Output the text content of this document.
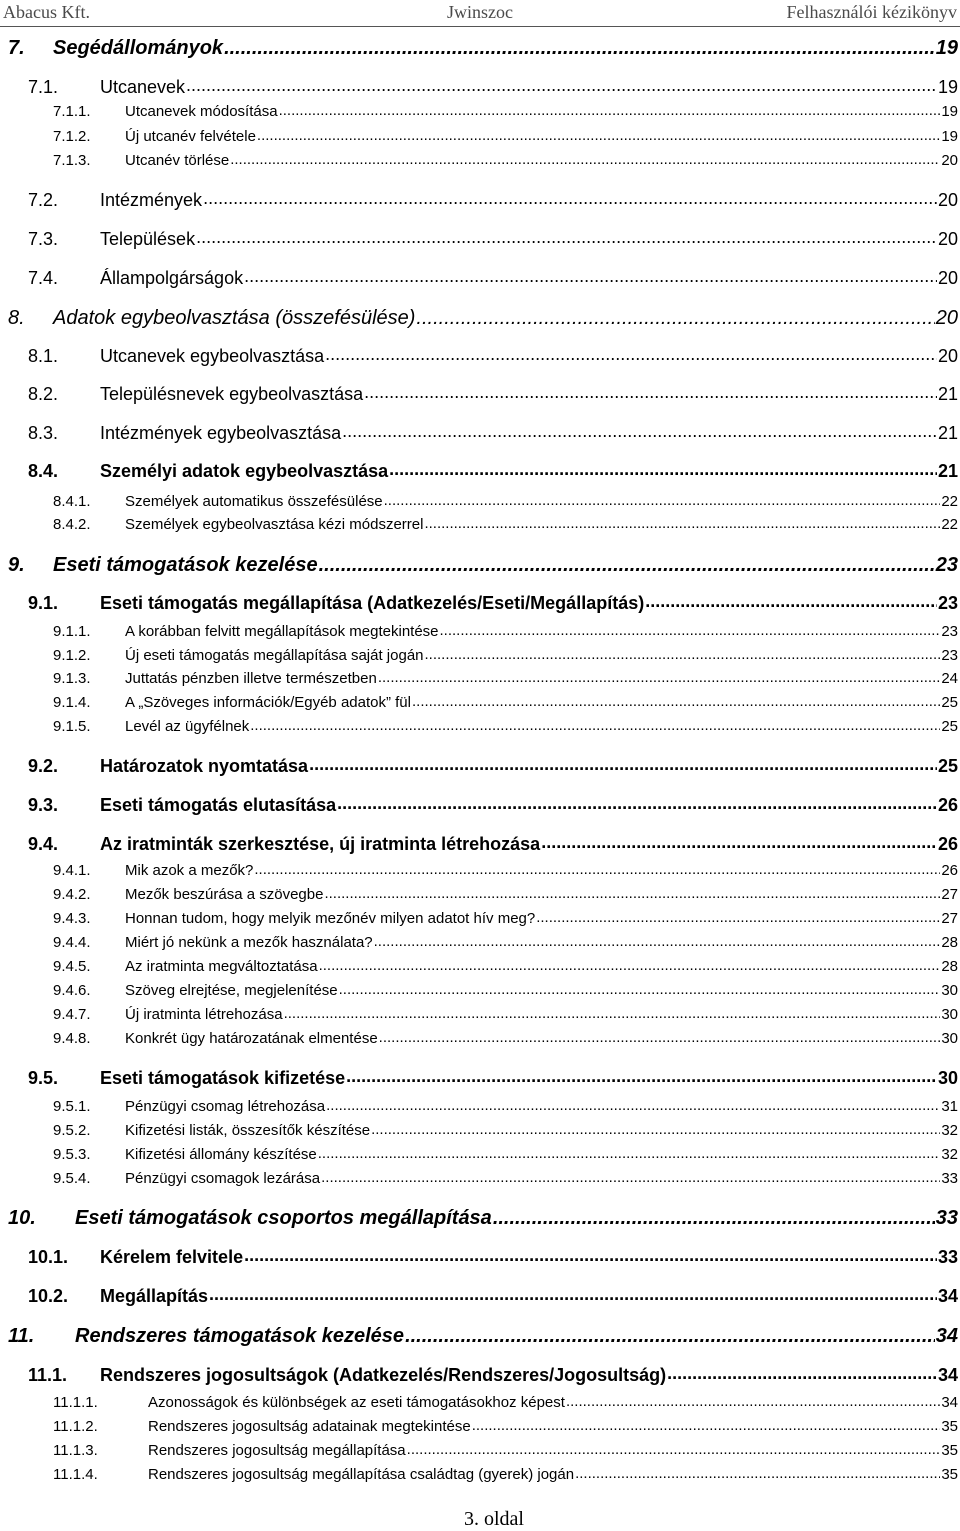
Abacus Kft.	Jwinszoc	Felhasználói kézikönyv
7.	Segédállományok .....	19
7.1.	Utcanevek .....	19
7.1.1.	Utcanevek módosítása .....	19
7.1.2.	Új utcanév felvétele .....	19
7.1.3.	Utcanév törlése .....	20
7.2.	Intézmények .....	20
7.3.	Települések .....	20
7.4.	Állampolgárságok .....	20
8.	Adatok egybeolvasztása (összefésülése) .....	20
8.1.	Utcanevek egybeolvasztása .....	20
8.2.	Településnevek egybeolvasztása .....	21
8.3.	Intézmények egybeolvasztása .....	21
8.4.	Személyi adatok egybeolvasztása .....	21
8.4.1.	Személyek automatikus összefésülése .....	22
8.4.2.	Személyek egybeolvasztása kézi módszerrel .....	22
9.	Eseti támogatások kezelése .....	23
9.1.	Eseti támogatás megállapítása (Adatkezelés/Eseti/Megállapítás) .....	23
9.1.1.	A korábban felvitt megállapítások megtekintése .....	23
9.1.2.	Új eseti támogatás megállapítása saját jogán .....	23
9.1.3.	Juttatás pénzben illetve természetben .....	24
9.1.4.	A „Szöveges információk/Egyéb adatok” fül .....	25
9.1.5.	Levél az ügyfélnek .....	25
9.2.	Határozatok nyomtatása .....	25
9.3.	Eseti támogatás elutasítása .....	26
9.4.	Az iratminták szerkesztése, új iratminta létrehozása .....	26
9.4.1.	Mik azok a mezők? .....	26
9.4.2.	Mezők beszúrása a szövegbe .....	27
9.4.3.	Honnan tudom, hogy melyik mezőnév milyen adatot hív meg? .....	27
9.4.4.	Miért jó nekünk a mezők használata? .....	28
9.4.5.	Az iratminta megváltoztatása .....	28
9.4.6.	Szöveg elrejtése, megjelenítése .....	30
9.4.7.	Új iratminta létrehozása .....	30
9.4.8.	Konkrét ügy határozatának elmentése .....	30
9.5.	Eseti támogatások kifizetése .....	30
9.5.1.	Pénzügyi csomag létrehozása .....	31
9.5.2.	Kifizetési listák, összesítők készítése .....	32
9.5.3.	Kifizetési állomány készítése .....	32
9.5.4.	Pénzügyi csomagok lezárása .....	33
10.	Eseti támogatások csoportos megállapítása .....	33
10.1.	Kérelem felvitele .....	33
10.2.	Megállapítás .....	34
11.	Rendszeres támogatások kezelése .....	34
11.1.	Rendszeres jogosultságok (Adatkezelés/Rendszeres/Jogosultság) .....	34
11.1.1.	Azonosságok és különbségek az eseti támogatásokhoz képest .....	34
11.1.2.	Rendszeres jogosultság adatainak megtekintése .....	35
11.1.3.	Rendszeres jogosultság megállapítása .....	35
11.1.4.	Rendszeres jogosultság megállapítása családtag (gyerek) jogán .....	35
3. oldal
